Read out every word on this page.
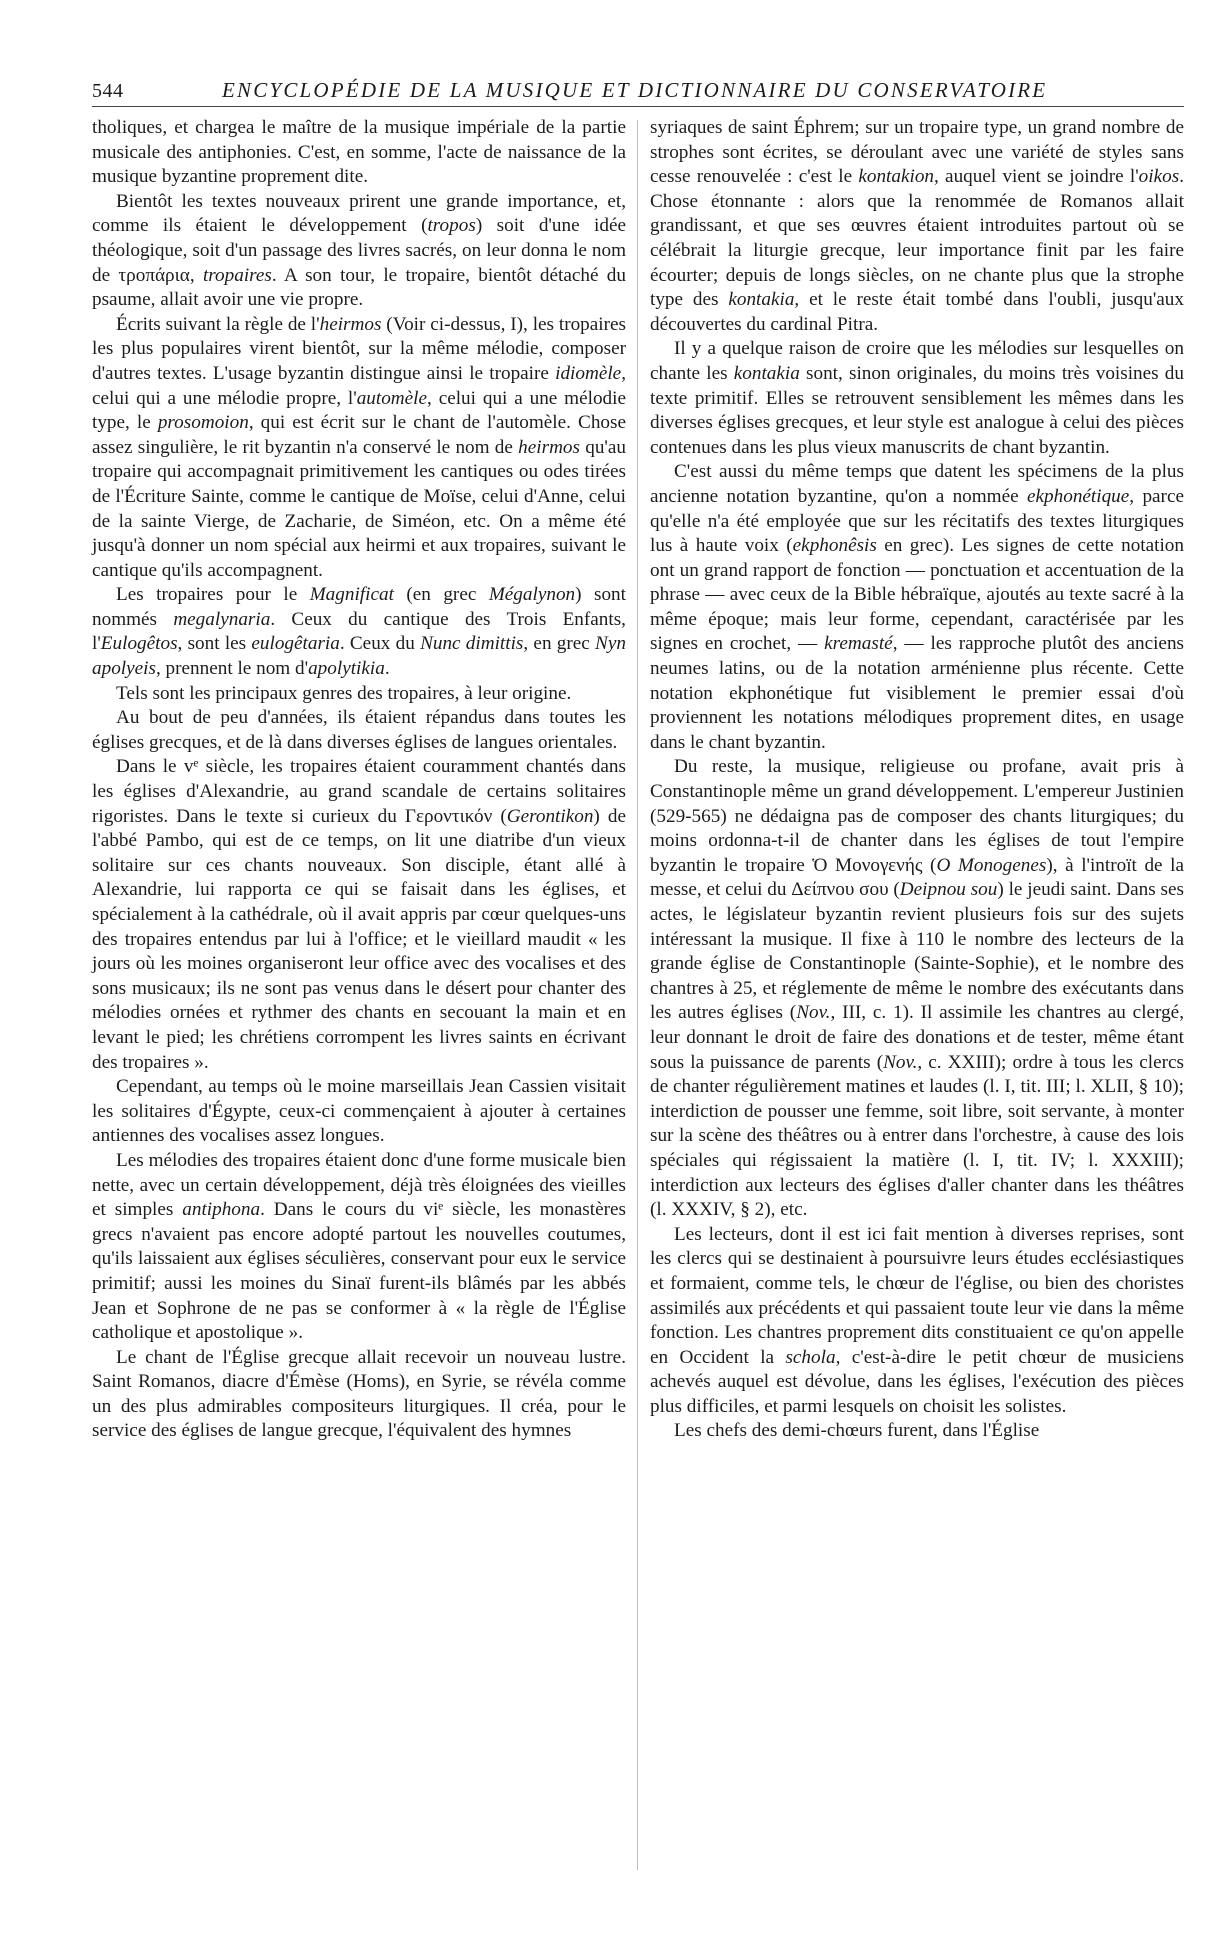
544	ENCYCLOPÉDIE DE LA MUSIQUE ET DICTIONNAIRE DU CONSERVATOIRE

tholiques, et chargea le maître de la musique impériale de la partie musicale des antiphonies. C'est, en somme, l'acte de naissance de la musique byzantine proprement dite.

Bientôt les textes nouveaux prirent une grande importance, et, comme ils étaient le développement (tropos) soit d'une idée théologique, soit d'un passage des livres sacrés, on leur donna le nom de τροπάρια, tropaires. A son tour, le tropaire, bientôt détaché du psaume, allait avoir une vie propre.

Écrits suivant la règle de l'heirmos (Voir ci-dessus, I), les tropaires les plus populaires virent bientôt, sur la même mélodie, composer d'autres textes. L'usage byzantin distingue ainsi le tropaire idiomèle, celui qui a une mélodie propre, l'automèle, celui qui a une mélodie type, le prosomoion, qui est écrit sur le chant de l'automèle. Chose assez singulière, le rit byzantin n'a conservé le nom de heirmos qu'au tropaire qui accompagnait primitivement les cantiques ou odes tirées de l'Écriture Sainte, comme le cantique de Moïse, celui d'Anne, celui de la sainte Vierge, de Zacharie, de Siméon, etc. On a même été jusqu'à donner un nom spécial aux heirmi et aux tropaires, suivant le cantique qu'ils accompagnent.

Les tropaires pour le Magnificat (en grec Mégalynon) sont nommés megalynaria. Ceux du cantique des Trois Enfants, l'Eulogêtos, sont les eulogêtaria. Ceux du Nunc dimittis, en grec Nyn apolyeis, prennent le nom d'apolytikia.

Tels sont les principaux genres des tropaires, à leur origine.

Au bout de peu d'années, ils étaient répandus dans toutes les églises grecques, et de là dans diverses églises de langues orientales.

Dans le vᵉ siècle, les tropaires étaient couramment chantés dans les églises d'Alexandrie, au grand scandale de certains solitaires rigoristes. Dans le texte si curieux du Γεροντικόν (Gerontikon) de l'abbé Pambo, qui est de ce temps, on lit une diatribe d'un vieux solitaire sur ces chants nouveaux. Son disciple, étant allé à Alexandrie, lui rapporta ce qui se faisait dans les églises, et spécialement à la cathédrale, où il avait appris par cœur quelques-uns des tropaires entendus par lui à l'office; et le vieillard maudit « les jours où les moines organiseront leur office avec des vocalises et des sons musicaux; ils ne sont pas venus dans le désert pour chanter des mélodies ornées et rythmer des chants en secouant la main et en levant le pied; les chrétiens corrompent les livres saints en écrivant des tropaires ».

Cependant, au temps où le moine marseillais Jean Cassien visitait les solitaires d'Égypte, ceux-ci commençaient à ajouter à certaines antiennes des vocalises assez longues.

Les mélodies des tropaires étaient donc d'une forme musicale bien nette, avec un certain développement, déjà très éloignées des vieilles et simples antiphona. Dans le cours du viᵉ siècle, les monastères grecs n'avaient pas encore adopté partout les nouvelles coutumes, qu'ils laissaient aux églises séculières, conservant pour eux le service primitif; aussi les moines du Sinaï furent-ils blâmés par les abbés Jean et Sophrone de ne pas se conformer à « la règle de l'Église catholique et apostolique ».

Le chant de l'Église grecque allait recevoir un nouveau lustre. Saint Romanos, diacre d'Émèse (Homs), en Syrie, se révéla comme un des plus admirables compositeurs liturgiques. Il créa, pour le service des églises de langue grecque, l'équivalent des hymnes

syriaques de saint Éphrem; sur un tropaire type, un grand nombre de strophes sont écrites, se déroulant avec une variété de styles sans cesse renouvelée : c'est le kontakion, auquel vient se joindre l'oikos. Chose étonnante : alors que la renommée de Romanos allait grandissant, et que ses œuvres étaient introduites partout où se célébrait la liturgie grecque, leur importance finit par les faire écourter; depuis de longs siècles, on ne chante plus que la strophe type des kontakia, et le reste était tombé dans l'oubli, jusqu'aux découvertes du cardinal Pitra.

Il y a quelque raison de croire que les mélodies sur lesquelles on chante les kontakia sont, sinon originales, du moins très voisines du texte primitif. Elles se retrouvent sensiblement les mêmes dans les diverses églises grecques, et leur style est analogue à celui des pièces contenues dans les plus vieux manuscrits de chant byzantin.

C'est aussi du même temps que datent les spécimens de la plus ancienne notation byzantine, qu'on a nommée ekphonétique, parce qu'elle n'a été employée que sur les récitatifs des textes liturgiques lus à haute voix (ekphonêsis en grec). Les signes de cette notation ont un grand rapport de fonction — ponctuation et accentuation de la phrase — avec ceux de la Bible hébraïque, ajoutés au texte sacré à la même époque; mais leur forme, cependant, caractérisée par les signes en crochet, — kremasté, — les rapproche plutôt des anciens neumes latins, ou de la notation arménienne plus récente. Cette notation ekphonétique fut visiblement le premier essai d'où proviennent les notations mélodiques proprement dites, en usage dans le chant byzantin.

Du reste, la musique, religieuse ou profane, avait pris à Constantinople même un grand développement. L'empereur Justinien (529-565) ne dédaigna pas de composer des chants liturgiques; du moins ordonna-t-il de chanter dans les églises de tout l'empire byzantin le tropaire Ὁ Μονογενής (O Monogenes), à l'introït de la messe, et celui du Δείπνου σου (Deipnou sou) le jeudi saint. Dans ses actes, le législateur byzantin revient plusieurs fois sur des sujets intéressant la musique. Il fixe à 110 le nombre des lecteurs de la grande église de Constantinople (Sainte-Sophie), et le nombre des chantres à 25, et réglemente de même le nombre des exécutants dans les autres églises (Nov., III, c. 1). Il assimile les chantres au clergé, leur donnant le droit de faire des donations et de tester, même étant sous la puissance de parents (Nov., c. XXIII); ordre à tous les clercs de chanter régulièrement matines et laudes (l. I, tit. III; l. XLII, § 10); interdiction de pousser une femme, soit libre, soit servante, à monter sur la scène des théâtres ou à entrer dans l'orchestre, à cause des lois spéciales qui régissaient la matière (l. I, tit. IV; l. XXXIII); interdiction aux lecteurs des églises d'aller chanter dans les théâtres (l. XXXIV, § 2), etc.

Les lecteurs, dont il est ici fait mention à diverses reprises, sont les clercs qui se destinaient à poursuivre leurs études ecclésiastiques et formaient, comme tels, le chœur de l'église, ou bien des choristes assimilés aux précédents et qui passaient toute leur vie dans la même fonction. Les chantres proprement dits constituaient ce qu'on appelle en Occident la schola, c'est-à-dire le petit chœur de musiciens achevés auquel est dévolue, dans les églises, l'exécution des pièces plus difficiles, et parmi lesquels on choisit les solistes.

Les chefs des demi-chœurs furent, dans l'Église
